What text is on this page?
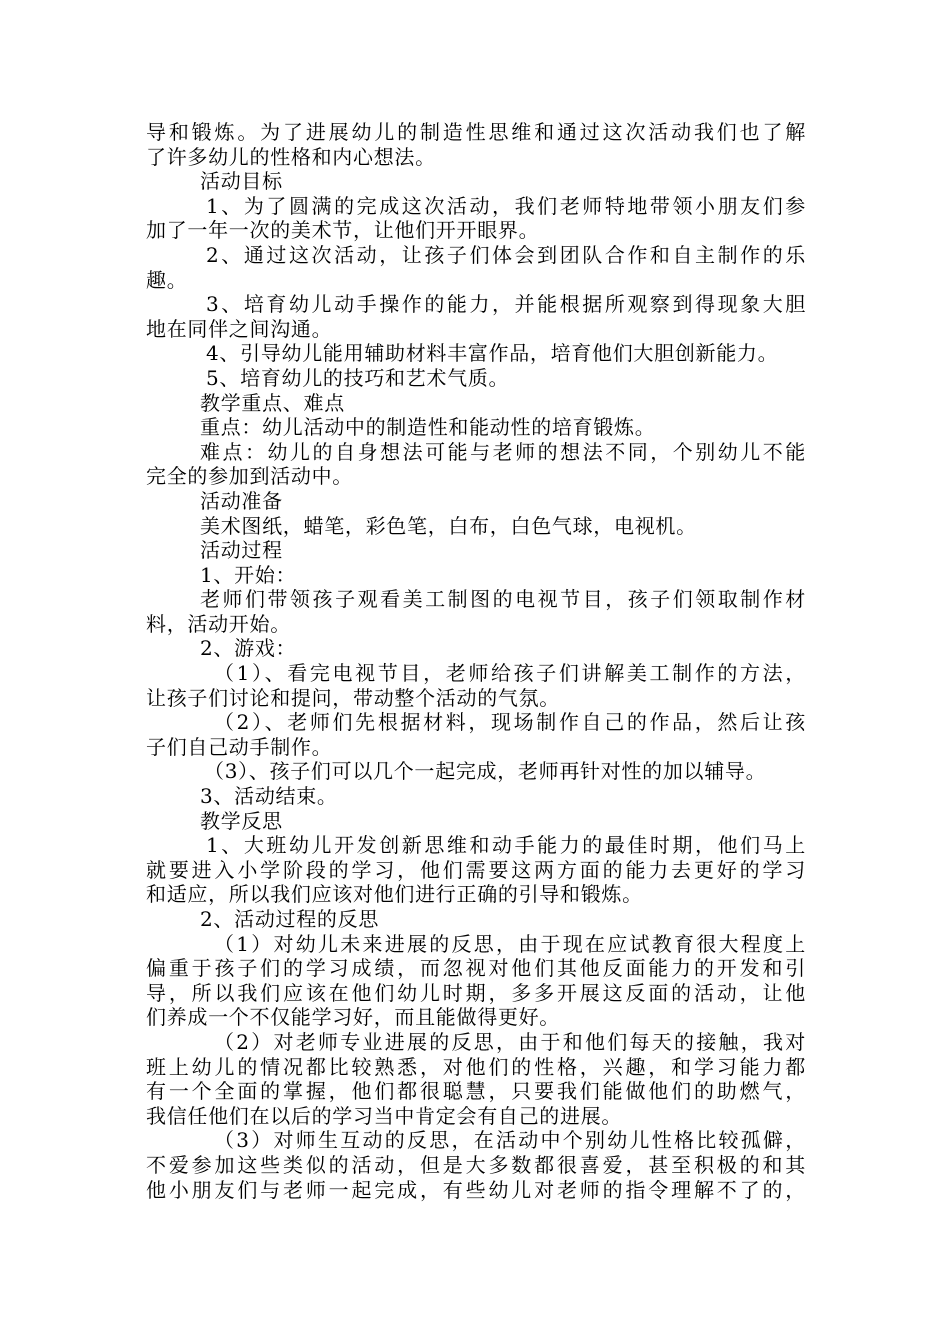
导和锻炼。为了进展幼儿的制造性思维和通过这次活动我们也了解
了许多幼儿的性格和内心想法。
活动目标
1、为了圆满的完成这次活动，我们老师特地带领小朋友们参
加了一年一次的美术节，让他们开开眼界。
2、通过这次活动，让孩子们体会到团队合作和自主制作的乐
趣。
3、培育幼儿动手操作的能力，并能根据所观察到得现象大胆
地在同伴之间沟通。
4、引导幼儿能用辅助材料丰富作品，培育他们大胆创新能力。
5、培育幼儿的技巧和艺术气质。
教学重点、难点
重点：幼儿活动中的制造性和能动性的培育锻炼。
难点：幼儿的自身想法可能与老师的想法不同，个别幼儿不能
完全的参加到活动中。
活动准备
美术图纸，蜡笔，彩色笔，白布，白色气球，电视机。
活动过程
1、开始：
老师们带领孩子观看美工制图的电视节目，孩子们领取制作材
料，活动开始。
2、游戏：
（1）、看完电视节目，老师给孩子们讲解美工制作的方法，
让孩子们讨论和提问，带动整个活动的气氛。
（2）、老师们先根据材料，现场制作自己的作品，然后让孩
子们自己动手制作。
（3）、孩子们可以几个一起完成，老师再针对性的加以辅导。
3、活动结束。
教学反思
1、大班幼儿开发创新思维和动手能力的最佳时期，他们马上
就要进入小学阶段的学习，他们需要这两方面的能力去更好的学习
和适应，所以我们应该对他们进行正确的引导和锻炼。
2、活动过程的反思
（1）对幼儿未来进展的反思，由于现在应试教育很大程度上
偏重于孩子们的学习成绩，而忽视对他们其他反面能力的开发和引
导，所以我们应该在他们幼儿时期，多多开展这反面的活动，让他
们养成一个不仅能学习好，而且能做得更好。
（2）对老师专业进展的反思，由于和他们每天的接触，我对
班上幼儿的情况都比较熟悉，对他们的性格，兴趣，和学习能力都
有一个全面的掌握，他们都很聪慧，只要我们能做他们的助燃气，
我信任他们在以后的学习当中肯定会有自己的进展。
（3）对师生互动的反思，在活动中个别幼儿性格比较孤僻，
不爱参加这些类似的活动，但是大多数都很喜爱，甚至积极的和其
他小朋友们与老师一起完成，有些幼儿对老师的指令理解不了的，
